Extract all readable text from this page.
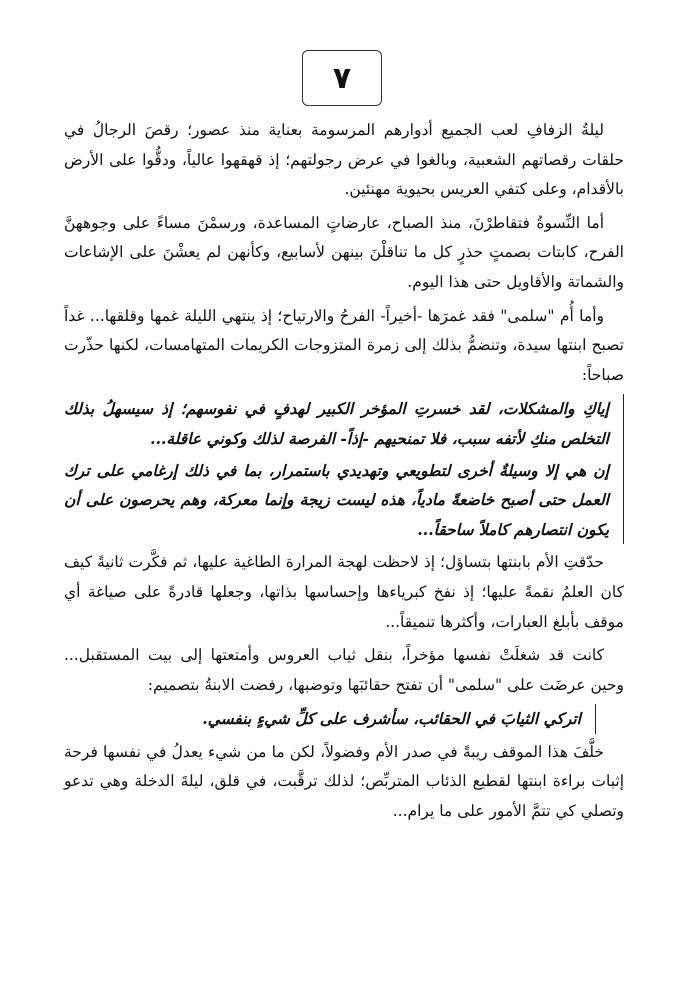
٧

ليلةُ الزفافِ لعب الجميع أدوارهم المرسومة بعناية منذ عصور؛ رقصَ الرجالُ في حلقات رقصاتهم الشعبية، وبالغوا في عرض رجولتهم؛ إذ قهقهوا عالياً، ودقُّوا على الأرض بالأقدام، وعلى كتفي العريس بحيوية مهنئين.

أما النِّسوةُ فتقاطرْنَ، منذ الصباح، عارضاتٍ المساعدة، ورسمْنَ مساءً على وجوههنَّ الفرح، كابتات بصمتٍ حذرٍ كل ما تناقلْنَ بينهن لأسابيع، وكأنهن لم يعشْنَ على الإشاعات والشماتة والأقاويل حتى هذا اليوم.

وأما أُم "سلمى" فقد غمرَها -أخيراً- الفرحُ والارتياح؛ إذ ينتهي الليلة غمها وقلقها... غداً تصبح ابنتها سيدة، وتنضمُّ بذلك إلى زمرة المتزوجات الكريمات المتهامسات، لكنها حذّرت صباحاً:

إياكِ والمشكلات، لقد خسرتِ المؤخر الكبير لهدفٍ في نفوسهم؛ إذ سيسهلُ بذلك التخلص منكِ لأتفه سبب، فلا تمنحيهم -إذاً- الفرصة لذلك وكوني عاقلة...
إن هي إلا وسيلةٌ أخرى لتطويعي وتهديدي باستمرار، بما في ذلك إرغامي على ترك العمل حتى أصبح خاضعةً مادياً، هذه ليست زيجة وإنما معركة، وهم يحرصون على أن يكون انتصارهم كاملاً ساحقاً...

حدّقتِ الأم بابنتها بتساؤل؛ إذ لاحظت لهجة المرارة الطاغية عليها، ثم فكَّرت ثانيةً كيف كان العلمُ نقمةً عليها؛ إذ نفخ كبرياءها وإحساسها بذاتها، وجعلها قادرةً على صياغة أي موقف بأبلغ العبارات، وأكثرها تنميقاً...

كانت قد شغلَتْ نفسها مؤخراً، بنقل ثياب العروس وأمتعتها إلى بيت المستقبل... وحين عرضَت على "سلمى" أن تفتح حقائبَها وتوضبها، رفضت الابنةُ بتصميم:

اتركي الثيابَ في الحقائب، سأشرف على كلِّ شيءٍ بنفسي.

خلَّفَ هذا الموقف ريبةً في صدر الأم وفضولاً، لكن ما من شيء يعدلُ في نفسها فرحة إثبات براءة ابنتها لقطيع الذئاب المتربِّص؛ لذلك ترقَّبت، في قلق، ليلةَ الدخلة وهي تدعو وتصلي كي تتمَّ الأمور على ما يرام...
